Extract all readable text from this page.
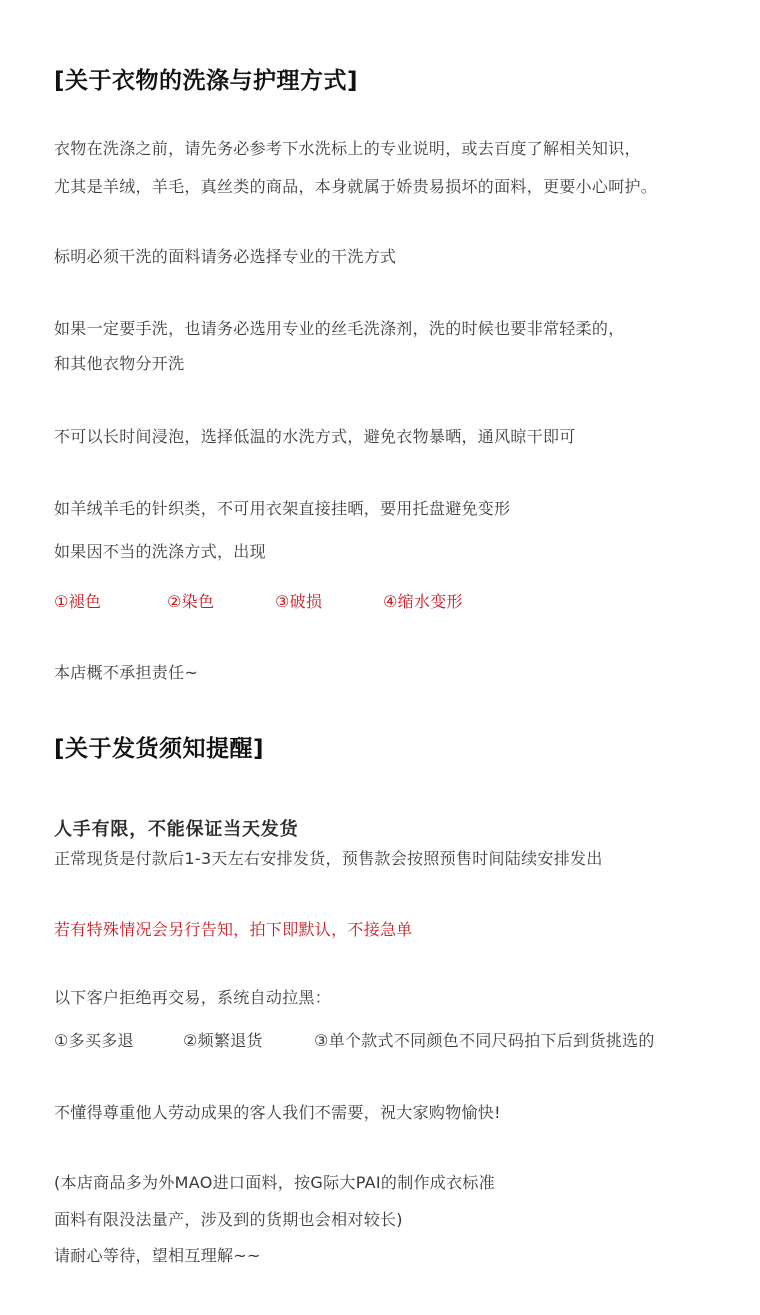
[关于衣物的洗涤与护理方式]
衣物在洗涤之前，请先务必参考下水洗标上的专业说明，或去百度了解相关知识，
尤其是羊绒，羊毛，真丝类的商品，本身就属于娇贵易损坏的面料，更要小心呵护。
标明必须干洗的面料请务必选择专业的干洗方式
如果一定要手洗，也请务必选用专业的丝毛洗涤剂，洗的时候也要非常轻柔的，
和其他衣物分开洗
不可以长时间浸泡，选择低温的水洗方式，避免衣物暴晒，通风晾干即可
如羊绒羊毛的针织类，不可用衣架直接挂晒，要用托盘避免变形
如果因不当的洗涤方式，出现
①褪色	②染色	③破损	④缩水变形
本店概不承担责任~
[关于发货须知提醒]
人手有限，不能保证当天发货
正常现货是付款后1-3天左右安排发货，预售款会按照预售时间陆续安排发出
若有特殊情况会另行告知，拍下即默认，不接急单
以下客户拒绝再交易，系统自动拉黑：
①多买多退	②频繁退货	③单个款式不同颜色不同尺码拍下后到货挑选的
不懂得尊重他人劳动成果的客人我们不需要，祝大家购物愉快!
(本店商品多为外MAO进口面料，按G际大PAI的制作成衣标准
面料有限没法量产，涉及到的货期也会相对较长)
请耐心等待，望相互理解~~
